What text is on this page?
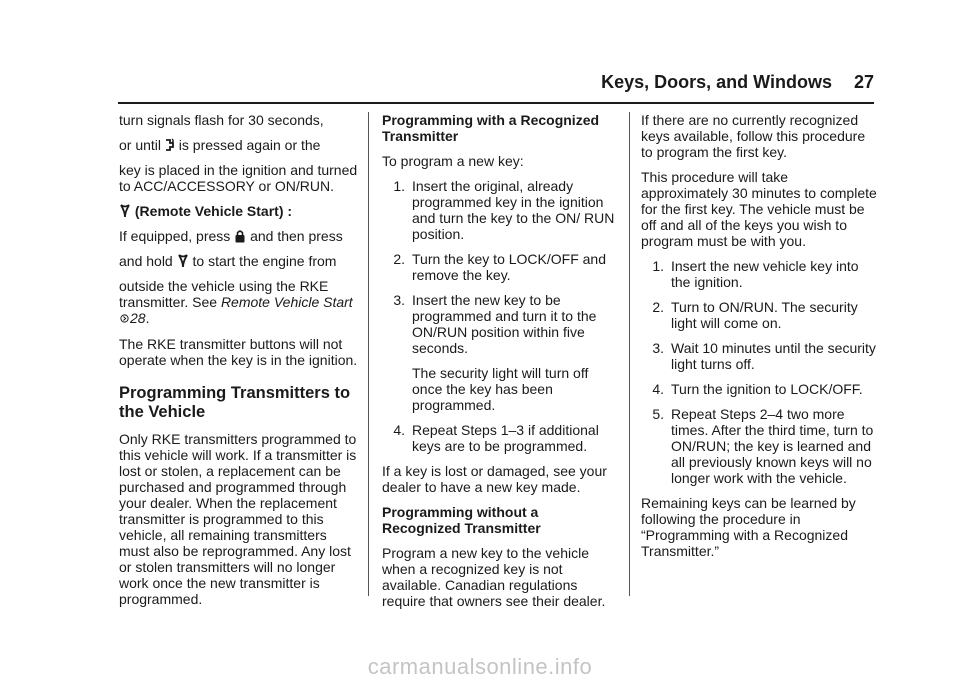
Keys, Doors, and Windows 27

turn signals flash for 30 seconds,

or until
is pressed again or the

key is placed in the ignition and turned to ACC/ACCESSORY or ON/RUN.

(Remote Vehicle Start) :

If equipped, press
and then press

and hold
to start the engine from

outside the vehicle using the RKE transmitter. See Remote Vehicle Start 28.

The RKE transmitter buttons will not operate when the key is in the ignition.

Programming Transmitters to the Vehicle

Only RKE transmitters programmed to this vehicle will work. If a transmitter is lost or stolen, a replacement can be purchased and programmed through your dealer. When the replacement transmitter is programmed to this vehicle, all remaining transmitters must also be reprogrammed. Any lost or stolen transmitters will no longer work once the new transmitter is programmed.

Programming with a Recognized Transmitter

To program a new key:

1. Insert the original, already programmed key in the ignition and turn the key to the ON/ RUN position.
2. Turn the key to LOCK/OFF and remove the key.
3. Insert the new key to be programmed and turn it to the ON/RUN position within five seconds.

The security light will turn off once the key has been programmed.

4. Repeat Steps 1–3 if additional keys are to be programmed.

If a key is lost or damaged, see your dealer to have a new key made.

Programming without a Recognized Transmitter

Program a new key to the vehicle when a recognized key is not available. Canadian regulations require that owners see their dealer.

If there are no currently recognized keys available, follow this procedure to program the first key.

This procedure will take approximately 30 minutes to complete for the first key. The vehicle must be off and all of the keys you wish to program must be with you.

1. Insert the new vehicle key into the ignition.
2. Turn to ON/RUN. The security light will come on.
3. Wait 10 minutes until the security light turns off.
4. Turn the ignition to LOCK/OFF.
5. Repeat Steps 2–4 two more times. After the third time, turn to ON/RUN; the key is learned and all previously known keys will no longer work with the vehicle.

Remaining keys can be learned by following the procedure in “Programming with a Recognized Transmitter.”

carmanualsonline.info
